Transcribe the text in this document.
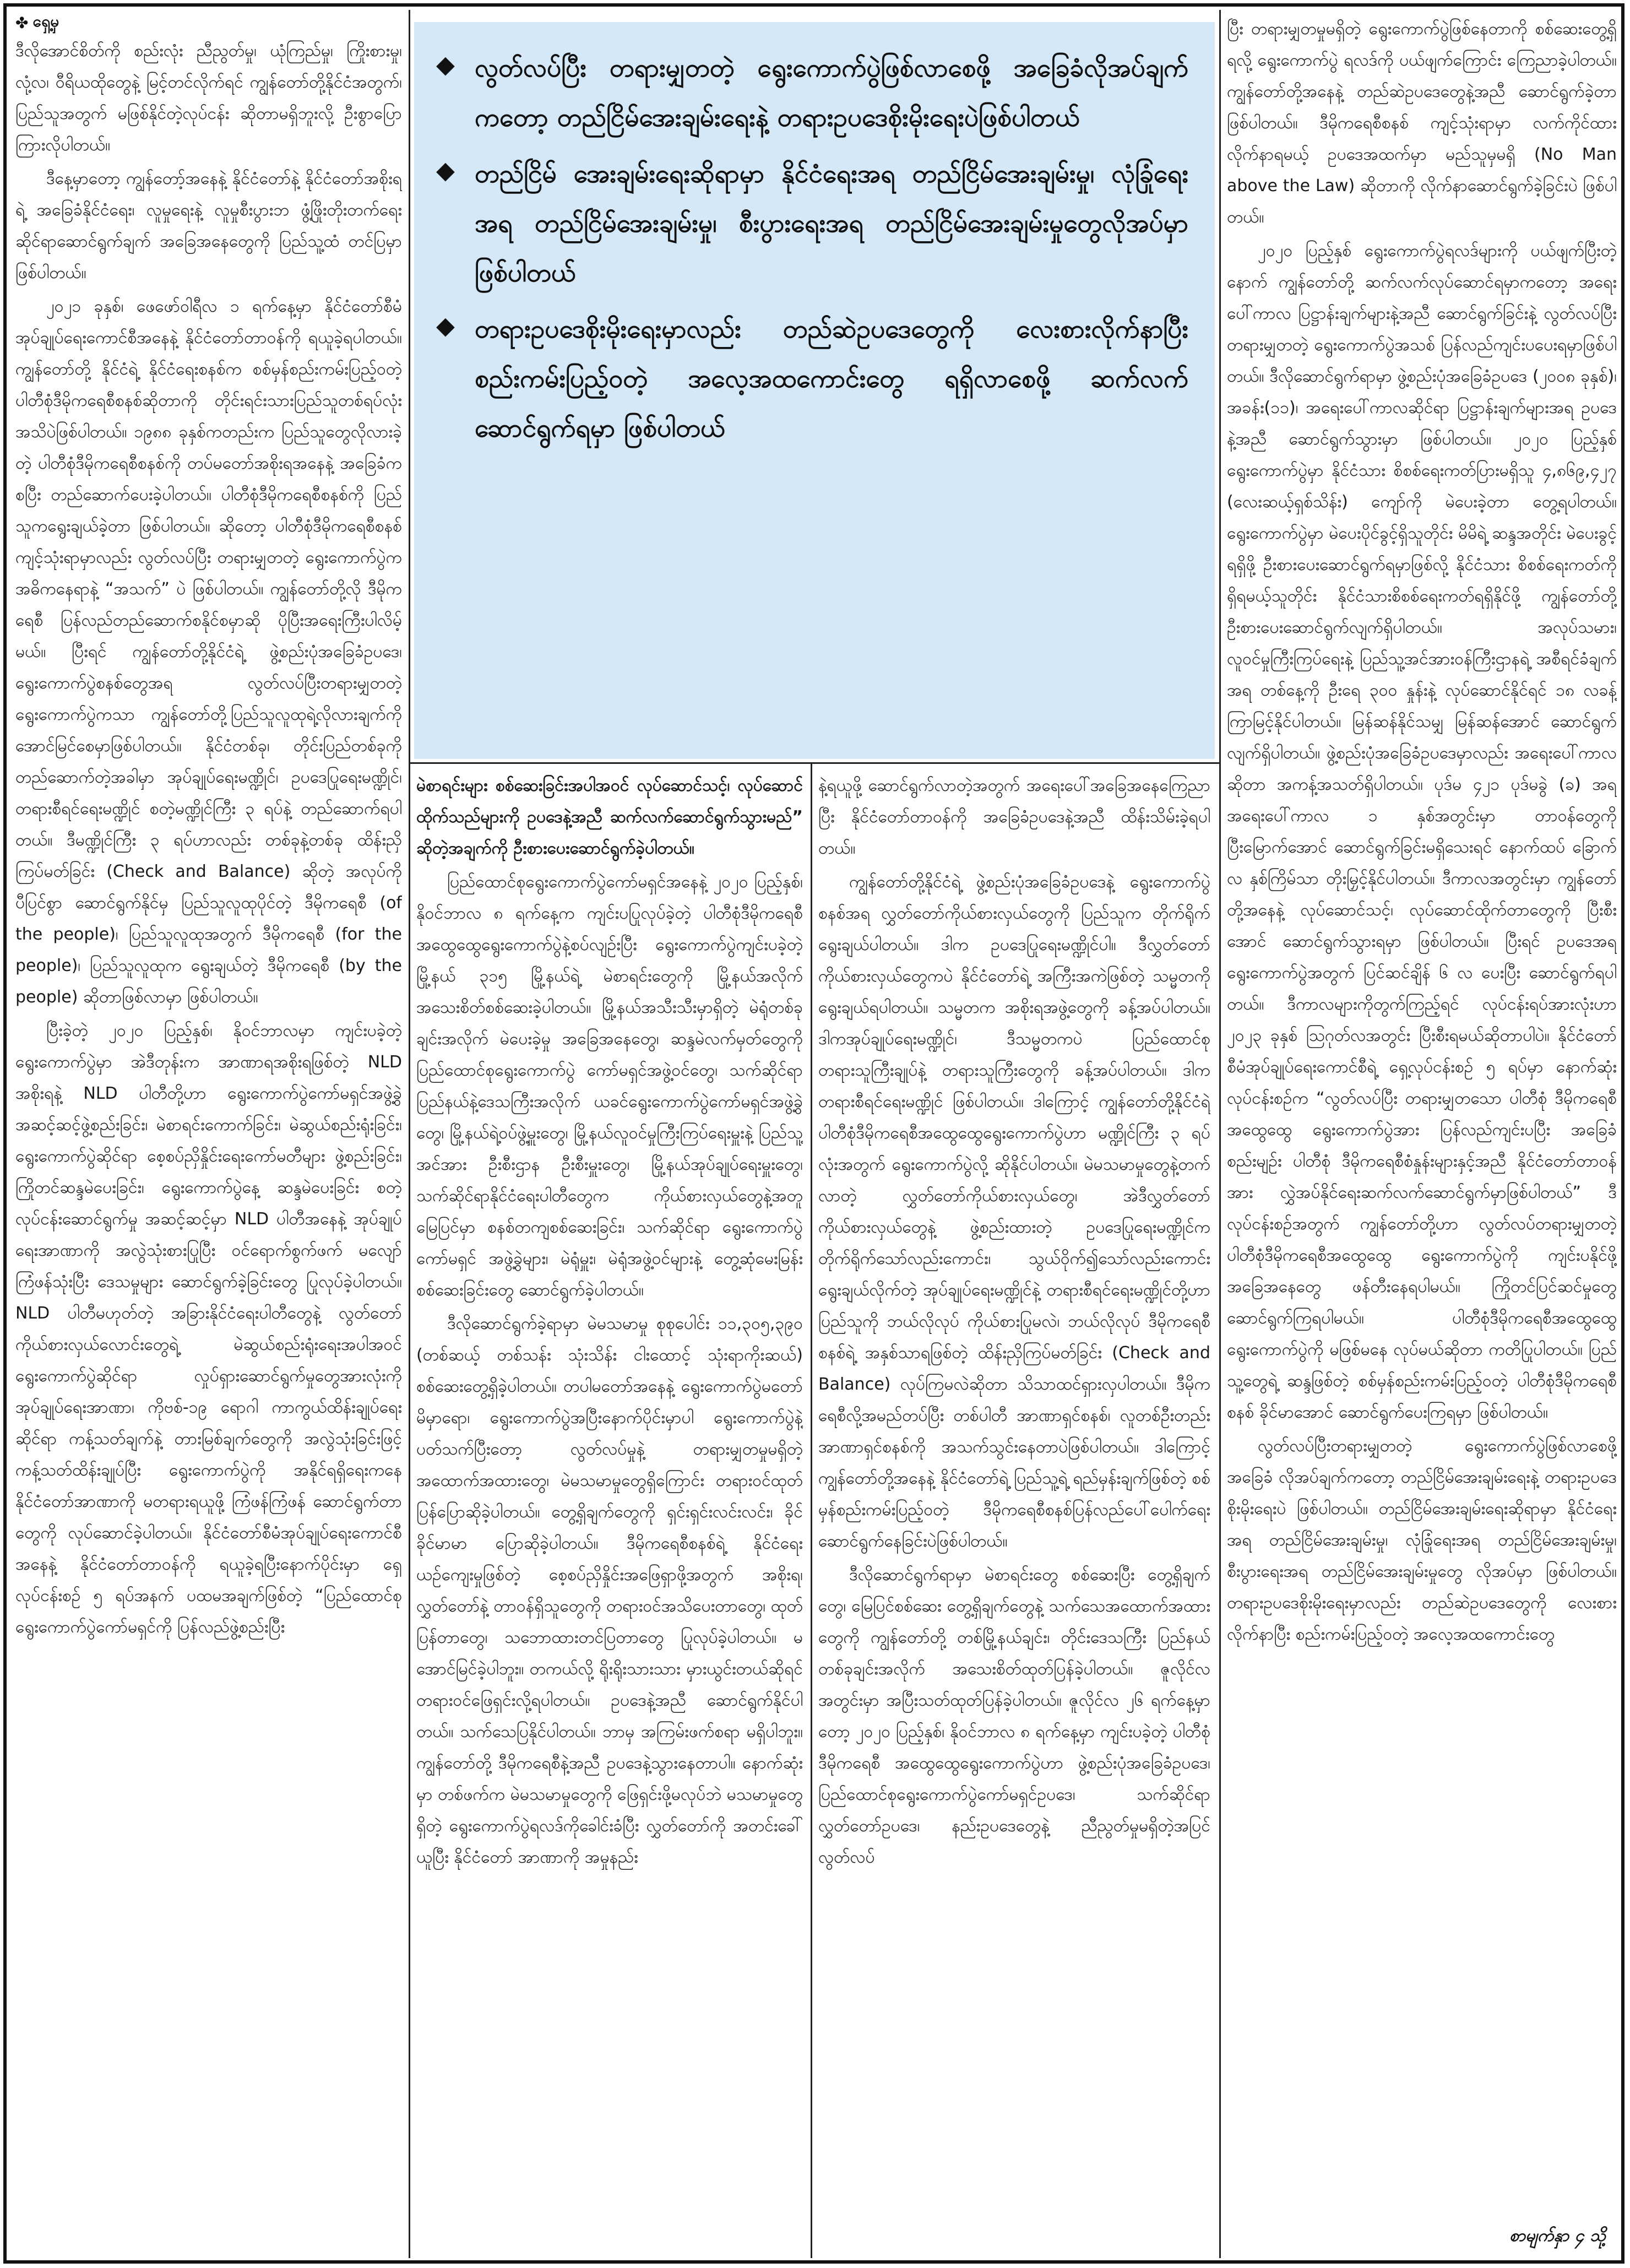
✤ ရှေ့မှ

ဒီလိုအောင်စိတ်ကို စည်းလုံး ညီညွတ်မှု၊ ယုံကြည်မှု၊ ကြိုးစားမှု၊ လုံ့လ၊ ဝီရိယထိုတွေနဲ့ မြင့်တင်လိုက်ရင် ကျွန်တော်တို့နိုင်ငံအတွက်၊ ပြည်သူအတွက် မဖြစ်နိုင်တဲ့လုပ်ငန်း ဆိုတာမရှိဘူးလို့ ဦးစွာပြောကြားလိုပါတယ်။

ဒီနေ့မှာတော့ ကျွန်တော့်အနေနဲ့ နိုင်ငံတော်နဲ့ နိုင်ငံတော်အစိုးရရဲ့ အခြေခံနိုင်ငံရေး၊ လူမှုရေးနဲ့ လူမှုစီးပွားဘ ဖွံ့ဖြိုးတိုးတက်ရေးဆိုင်ရာဆောင်ရွက်ချက် အခြေအနေတွေကို ပြည်သူ့ထံ တင်ပြမှာဖြစ်ပါတယ်။

၂၀၂၁ ခုနှစ်၊ ဖေဖော်ဝါရီလ ၁ ရက်နေ့မှာ နိုင်ငံတော်စီမံအုပ်ချုပ်ရေးကောင်စီအနေနဲ့ နိုင်ငံတော်တာဝန်ကို ရယူခဲ့ရပါတယ်။ ကျွန်တော်တို့ နိုင်ငံရဲ့ နိုင်ငံရေးစနစ်က စစ်မှန်စည်းကမ်းပြည့်ဝတဲ့ ပါတီစုံဒီမိုကရေစီစနစ်ဆိုတာကို တိုင်းရင်းသားပြည်သူတစ်ရပ်လုံး အသိပဲဖြစ်ပါတယ်။ ၁၉၈၈ ခုနှစ်ကတည်းက ပြည်သူတွေလိုလားခဲ့တဲ့ ပါတီစုံဒီမိုကရေစီစနစ်ကို တပ်မတော်အစိုးရအနေနဲ့ အခြေခံကစပြီး တည်ဆောက်ပေးခဲ့ပါတယ်။ ပါတီစုံဒီမိုကရေစီစနစ်ကို ပြည်သူကရွေးချယ်ခဲ့တာ ဖြစ်ပါတယ်။ ဆိုတော့ ပါတီစုံဒီမိုကရေစီစနစ် ကျင့်သုံးရာမှာလည်း လွတ်လပ်ပြီး တရားမျှတတဲ့ ရွေးကောက်ပွဲက အဓိကနေရာနဲ့ “အသက်” ပဲ ဖြစ်ပါတယ်။ ကျွန်တော်တို့လို ဒီမိုကရေစီ ပြန်လည်တည်ဆောက်စနိုင်စမှာဆို ပိုပြီးအရေးကြီးပါလိမ့်မယ်။ ပြီးရင် ကျွန်တော်တို့နိုင်ငံရဲ့ ဖွဲ့စည်းပုံအခြေခံဥပဒေ၊ ရွေးကောက်ပွဲစနစ်တွေအရ လွတ်လပ်ပြီးတရားမျှတတဲ့ ရွေးကောက်ပွဲကသာ ကျွန်တော်တို့ပြည်သူလူထုရဲ့လိုလားချက်ကို အောင်မြင်စေမှာဖြစ်ပါတယ်။ နိုင်ငံတစ်ခု၊ တိုင်းပြည်တစ်ခုကို တည်ဆောက်တဲ့အခါမှာ အုပ်ချုပ်ရေးမဏ္ဍိုင်၊ ဥပဒေပြုရေးမဏ္ဍိုင်၊ တရားစီရင်ရေးမဏ္ဍိုင် စတဲ့မဏ္ဍိုင်ကြီး ၃ ရပ်နဲ့ တည်ဆောက်ရပါတယ်။ ဒီမဏ္ဍိုင်ကြီး ၃ ရပ်ဟာလည်း တစ်ခုနဲ့တစ်ခု ထိန်းညှိကြပ်မတ်ခြင်း (Check and Balance) ဆိုတဲ့ အလုပ်ကို ပီပြင်စွာ ဆောင်ရွက်နိုင်မှ ပြည်သူလူထုပိုင်တဲ့ ဒီမိုကရေစီ (of the people)၊ ပြည်သူလူထုအတွက် ဒီမိုကရေစီ (for the people)၊ ပြည်သူလူထုက ရွေးချယ်တဲ့ ဒီမိုကရေစီ (by the people) ဆိုတာဖြစ်လာမှာ ဖြစ်ပါတယ်။

ပြီးခဲ့တဲ့ ၂၀၂၀ ပြည့်နှစ်၊ နိုဝင်ဘာလမှာ ကျင်းပခဲ့တဲ့ရွေးကောက်ပွဲမှာ အဲဒီတုန်းက အာဏာရအစိုးရဖြစ်တဲ့ NLD အစိုးရနဲ့ NLD ပါတီတို့ဟာ ရွေးကောက်ပွဲကော်မရှင်အဖွဲ့ခွဲ အဆင့်ဆင့်ဖွဲ့စည်းခြင်း၊ မဲစာရင်းကောက်ခြင်း၊ မဲဆွယ်စည်းရုံးခြင်း၊ ရွေးကောက်ပွဲဆိုင်ရာ စေ့စပ်ညှိနှိုင်းရေးကော်မတီများ ဖွဲ့စည်းခြင်း၊ ကြိုတင်ဆန္ဒမဲပေးခြင်း၊ ရွေးကောက်ပွဲနေ့ ဆန္ဒမဲပေးခြင်း စတဲ့လုပ်ငန်းဆောင်ရွက်မှု အဆင့်ဆင့်မှာ NLD ပါတီအနေနဲ့ အုပ်ချုပ်ရေးအာဏာကို အလွဲသုံးစားပြုပြီး ဝင်ရောက်စွက်ဖက် မလျော်ကြံဖန်သုံးပြီး ဒေသမှုများ ဆောင်ရွက်ခဲ့ခြင်းတွေ ပြုလုပ်ခဲ့ပါတယ်။ NLD ပါတီမဟုတ်တဲ့ အခြားနိုင်ငံရေးပါတီတွေနဲ့ လွတ်တော်ကိုယ်စားလှယ်လောင်းတွေရဲ့ မဲဆွယ်စည်းရုံးရေးအပါအဝင် ရွေးကောက်ပွဲဆိုင်ရာ လှုပ်ရှားဆောင်ရွက်မှုတွေအားလုံးကို အုပ်ချုပ်ရေးအာဏာ၊ ကိုဗစ်-၁၉ ရောဂါ ကာကွယ်ထိန်းချုပ်ရေးဆိုင်ရာ ကန့်သတ်ချက်နဲ့ တားမြစ်ချက်တွေကို အလွဲသုံးခြင်းဖြင့် ကန့်သတ်ထိန်းချုပ်ပြီး ရွေးကောက်ပွဲကို အနိုင်ရရှိရေးကနေ နိုင်ငံတော်အာဏာကို မတရားရယူဖို့ ကြံဖန်ကြံဖန် ဆောင်ရွက်တာတွေကို လုပ်ဆောင်ခဲ့ပါတယ်။ နိုင်ငံတော်စီမံအုပ်ချုပ်ရေးကောင်စီအနေနဲ့ နိုင်ငံတော်တာဝန်ကို ရယူခဲ့ရပြီးနောက်ပိုင်းမှာ ရှေ့လုပ်ငန်းစဉ် ၅ ရပ်အနက် ပထမအချက်ဖြစ်တဲ့ “ပြည်ထောင်စုရွေးကောက်ပွဲကော်မရှင်ကို ပြန်လည်ဖွဲ့စည်းပြီး

◆ လွတ်လပ်ပြီး တရားမျှတတဲ့ ရွေးကောက်ပွဲဖြစ်လာစေဖို့ အခြေခံလိုအပ်ချက်ကတော့ တည်ငြိမ်အေးချမ်းရေးနဲ့ တရားဥပဒေစိုးမိုးရေးပဲဖြစ်ပါတယ်
◆ တည်ငြိမ် အေးချမ်းရေးဆိုရာမှာ နိုင်ငံရေးအရ တည်ငြိမ်အေးချမ်းမှု၊ လုံခြုံရေးအရ တည်ငြိမ်အေးချမ်းမှု၊ စီးပွားရေးအရ တည်ငြိမ်အေးချမ်းမှုတွေလိုအပ်မှာ ဖြစ်ပါတယ်
◆ တရားဥပဒေစိုးမိုးရေးမှာလည်း တည်ဆဲဥပဒေတွေကို လေးစားလိုက်နာပြီး စည်းကမ်းပြည့်ဝတဲ့ အလေ့အထကောင်းတွေ ရရှိလာစေဖို့ ဆက်လက်ဆောင်ရွက်ရမှာ ဖြစ်ပါတယ်

မဲစာရင်းများ စစ်ဆေးခြင်းအပါအဝင် လုပ်ဆောင်သင့်၊ လုပ်ဆောင်ထိုက်သည်များကို ဥပဒေနဲ့အညီ ဆက်လက်ဆောင်ရွက်သွားမည်” ဆိုတဲ့အချက်ကို ဦးစားပေးဆောင်ရွက်ခဲ့ပါတယ်။

ပြည်ထောင်စုရွေးကောက်ပွဲကော်မရှင်အနေနဲ့ ၂၀၂၀ ပြည့်နှစ်၊ နိုဝင်ဘာလ ၈ ရက်နေ့က ကျင်းပပြုလုပ်ခဲ့တဲ့ ပါတီစုံဒီမိုကရေစီ အထွေထွေရွေးကောက်ပွဲနဲ့စပ်လျဉ်းပြီး ရွေးကောက်ပွဲကျင်းပခဲ့တဲ့ မြို့နယ် ၃၁၅ မြို့နယ်ရဲ့ မဲစာရင်းတွေကို မြို့နယ်အလိုက် အသေးစိတ်စစ်ဆေးခဲ့ပါတယ်။ မြို့နယ်အသီးသီးမှာရှိတဲ့ မဲရုံတစ်ခုချင်းအလိုက် မဲပေးခဲ့မှု အခြေအနေတွေ၊ ဆန္ဒမဲလက်မှတ်တွေကို ပြည်ထောင်စုရွေးကောက်ပွဲ ကော်မရှင်အဖွဲ့ဝင်တွေ၊ သက်ဆိုင်ရာပြည်နယ်နဲ့ဒေသကြီးအလိုက် ယခင်ရွေးကောက်ပွဲကော်မရှင်အဖွဲ့ခွဲတွေ၊ မြို့နယ်ရဲ့ဝပ်ဖွဲ့မှူးတွေ၊ မြို့နယ်လူဝင်မှုကြီးကြပ်ရေးမှူးနဲ့ ပြည်သူ့အင်အား ဦးစီးဌာန ဦးစီးမှူးတွေ၊ မြို့နယ်အုပ်ချုပ်ရေးမှူးတွေ၊ သက်ဆိုင်ရာနိုင်ငံရေးပါတီတွေက ကိုယ်စားလှယ်တွေနဲ့အတူ မြေပြင်မှာ စနစ်တကျစစ်ဆေးခြင်း၊ သက်ဆိုင်ရာ ရွေးကောက်ပွဲကော်မရှင် အဖွဲ့ခွဲများ၊ မဲရုံမှူး၊ မဲရုံအဖွဲ့ဝင်များနဲ့ တွေ့ဆုံမေးမြန်းစစ်ဆေးခြင်းတွေ ဆောင်ရွက်ခဲ့ပါတယ်။

ဒီလိုဆောင်ရွက်ခဲ့ရာမှာ မဲမသမာမှု စုစုပေါင်း ၁၁,၃၀၅,၃၉၀ (တစ်ဆယ့် တစ်သန်း သုံးသိန်း ငါးထောင့် သုံးရာကိုးဆယ်) စစ်ဆေးတွေ့ရှိခဲ့ပါတယ်။ တပါမတော်အနေနဲ့ ရွေးကောက်ပွဲမတော်မိမှာရော၊ ရွေးကောက်ပွဲအပြီးနောက်ပိုင်းမှာပါ ရွေးကောက်ပွဲနဲ့ပတ်သက်ပြီးတော့ လွတ်လပ်မှုနဲ့ တရားမျှတမှုမရှိတဲ့ အထောက်အထားတွေ၊ မဲမသမာမှုတွေရှိကြောင်း တရားဝင်ထုတ်ပြန်ပြောဆိုခဲ့ပါတယ်။ တွေ့ရှိချက်တွေကို ရှင်းရှင်းလင်းလင်း၊ ခိုင်ခိုင်မာမာ ပြောဆိုခဲ့ပါတယ်။ ဒီမိုကရေစီစနစ်ရဲ့ နိုင်ငံရေး ယဉ်ကျေးမှုဖြစ်တဲ့ စေ့စပ်ညှိနှိုင်းအဖြေရှာဖို့အတွက် အစိုးရ၊ လွှတ်တော်နဲ့ တာဝန်ရှိသူတွေကို တရားဝင်အသိပေးတာတွေ၊ ထုတ်ပြန်တာတွေ၊ သဘောထားတင်ပြတာတွေ ပြုလုပ်ခဲ့ပါတယ်။ မအောင်မြင်ခဲ့ပါဘူး။ တကယ်လို့ ရိုးရိုးသားသား မှားယွင်းတယ်ဆိုရင် တရားဝင်ဖြေရှင်းလို့ရပါတယ်။ ဥပဒေနဲ့အညီ ဆောင်ရွက်နိုင်ပါတယ်။ သက်သေပြနိုင်ပါတယ်။ ဘာမှ အကြမ်းဖက်စရာ မရှိပါဘူး။ ကျွန်တော်တို့ ဒီမိုကရေစီနဲ့အညီ ဥပဒေနဲ့သွားနေတာပါ။ နောက်ဆုံးမှာ တစ်ဖက်က မဲမသမာမှုတွေကို ဖြေရှင်းဖို့မလုပ်ဘဲ မသမာမှုတွေ ရှိတဲ့ ရွေးကောက်ပွဲရလဒ်ကိုခေါင်းခံပြီး လွှတ်တော်ကို အတင်းခေါ်ယူပြီး နိုင်ငံတော် အာဏာကို အမှုနည်း

နဲ့ရယူဖို့ ဆောင်ရွက်လာတဲ့အတွက် အရေးပေါ်အခြေအနေကြေညာပြီး နိုင်ငံတော်တာဝန်ကို အခြေခံဥပဒေနဲ့အညီ ထိန်းသိမ်းခဲ့ရပါတယ်။

ကျွန်တော်တို့နိုင်ငံရဲ့ ဖွဲ့စည်းပုံအခြေခံဥပဒေနဲ့ ရွေးကောက်ပွဲစနစ်အရ လွှတ်တော်ကိုယ်စားလှယ်တွေကို ပြည်သူက တိုက်ရိုက်ရွေးချယ်ပါတယ်။ ဒါက ဥပဒေပြုရေးမဏ္ဍိုင်ပါ။ ဒီလွှတ်တော်ကိုယ်စားလှယ်တွေကပဲ နိုင်ငံတော်ရဲ့ အကြီးအကဲဖြစ်တဲ့ သမ္မတကို ရွေးချယ်ရပါတယ်။ သမ္မတက အစိုးရအဖွဲ့တွေကို ခန့်အပ်ပါတယ်။ ဒါကအုပ်ချုပ်ရေးမဏ္ဍိုင်၊ ဒီသမ္မတကပဲ ပြည်ထောင်စုတရားသူကြီးချုပ်နဲ့ တရားသူကြီးတွေကို ခန့်အပ်ပါတယ်။ ဒါကတရားစီရင်ရေးမဏ္ဍိုင် ဖြစ်ပါတယ်။ ဒါကြောင့် ကျွန်တော်တို့နိုင်ငံရဲ့ ပါတီစုံဒီမိုကရေစီအထွေထွေရွေးကောက်ပွဲဟာ မဏ္ဍိုင်ကြီး ၃ ရပ်လုံးအတွက် ရွေးကောက်ပွဲလို့ ဆိုနိုင်ပါတယ်။ မဲမသမာမှုတွေနဲ့တက်လာတဲ့ လွှတ်တော်ကိုယ်စားလှယ်တွေ၊ အဲဒီလွှတ်တော် ကိုယ်စားလှယ်တွေနဲ့ ဖွဲ့စည်းထားတဲ့ ဥပဒေပြုရေးမဏ္ဍိုင်က တိုက်ရိုက်သော်လည်းကောင်း၊ သွယ်ဝိုက်၍သော်လည်းကောင်း ရွေးချယ်လိုက်တဲ့ အုပ်ချုပ်ရေးမဏ္ဍိုင်နဲ့ တရားစီရင်ရေးမဏ္ဍိုင်တို့ဟာ ပြည်သူကို ဘယ်လိုလုပ် ကိုယ်စားပြုမလဲ၊ ဘယ်လိုလုပ် ဒီမိုကရေစီစနစ်ရဲ့ အနှစ်သာရဖြစ်တဲ့ ထိန်းညှိကြပ်မတ်ခြင်း (Check and Balance) လုပ်ကြမလဲဆိုတာ သိသာထင်ရှားလှပါတယ်။ ဒီမိုကရေစီလို့အမည်တပ်ပြီး တစ်ပါတီ အာဏာရှင်စနစ်၊ လူတစ်ဦးတည်း အာဏာရှင်စနစ်ကို အသက်သွင်းနေတာပဲဖြစ်ပါတယ်။ ဒါကြောင့် ကျွန်တော်တို့အနေနဲ့ နိုင်ငံတော်ရဲ့ ပြည်သူ့ရဲ့ ရည်မှန်းချက်ဖြစ်တဲ့ စစ်မှန်စည်းကမ်းပြည့်ဝတဲ့ ဒီမိုကရေစီစနစ်ပြန်လည်ပေါ်ပေါက်ရေး ဆောင်ရွက်နေခြင်းပဲဖြစ်ပါတယ်။

ဒီလိုဆောင်ရွက်ရာမှာ မဲစာရင်းတွေ စစ်ဆေးပြီး တွေ့ရှိချက်တွေ၊ မြေပြင်စစ်ဆေး တွေ့ရှိချက်တွေနဲ့ သက်သေအထောက်အထားတွေကို ကျွန်တော်တို့ တစ်မြို့နယ်ချင်း၊ တိုင်းဒေသကြီး ပြည်နယ်တစ်ခုချင်းအလိုက် အသေးစိတ်ထုတ်ပြန်ခဲ့ပါတယ်။ ဇူလိုင်လအတွင်းမှာ အပြီးသတ်ထုတ်ပြန်ခဲ့ပါတယ်။ ဇူလိုင်လ ၂၆ ရက်နေ့မှာတော့ ၂၀၂၀ ပြည့်နှစ်၊ နိုဝင်ဘာလ ၈ ရက်နေ့မှာ ကျင်းပခဲ့တဲ့ ပါတီစုံဒီမိုကရေစီ အထွေထွေရွေးကောက်ပွဲဟာ ဖွဲ့စည်းပုံအခြေခံဥပဒေ၊ ပြည်ထောင်စုရွေးကောက်ပွဲကော်မရှင်ဥပဒေ၊ သက်ဆိုင်ရာလွှတ်တော်ဥပဒေ၊ နည်းဥပဒေတွေနဲ့ ညီညွတ်မှုမရှိတဲ့အပြင် လွတ်လပ်

ပြီး တရားမျှတမှုမရှိတဲ့ ရွေးကောက်ပွဲဖြစ်နေတာကို စစ်ဆေးတွေ့ရှိရလို့ ရွေးကောက်ပွဲ ရလဒ်ကို ပယ်ဖျက်ကြောင်း ကြေညာခဲ့ပါတယ်။ ကျွန်တော်တို့အနေနဲ့ တည်ဆဲဥပဒေတွေနဲ့အညီ ဆောင်ရွက်ခဲ့တာဖြစ်ပါတယ်။ ဒီမိုကရေစီစနစ် ကျင့်သုံးရာမှာ လက်ကိုင်ထား လိုက်နာရမယ့် ဥပဒေအထက်မှာ မည်သူမှမရှိ (No Man above the Law) ဆိုတာကို လိုက်နာဆောင်ရွက်ခဲ့ခြင်းပဲ ဖြစ်ပါတယ်။

၂၀၂၀ ပြည့်နှစ် ရွေးကောက်ပွဲရလဒ်များကို ပယ်ဖျက်ပြီးတဲ့နောက် ကျွန်တော်တို့ ဆက်လက်လုပ်ဆောင်ရမှာကတော့ အရေးပေါ်ကာလ ပြဋ္ဌာန်းချက်များနဲ့အညီ ဆောင်ရွက်ခြင်းနဲ့ လွတ်လပ်ပြီး တရားမျှတတဲ့ ရွေးကောက်ပွဲအသစ် ပြန်လည်ကျင်းပပေးရမှာဖြစ်ပါတယ်။ ဒီလိုဆောင်ရွက်ရာမှာ ဖွဲ့စည်းပုံအခြေခံဥပဒေ (၂၀၀၈ ခုနှစ်)၊ အခန်း(၁၁)၊ အရေးပေါ်ကာလဆိုင်ရာ ပြဋ္ဌာန်းချက်များအရ ဥပဒေနဲ့အညီ ဆောင်ရွက်သွားမှာ ဖြစ်ပါတယ်။ ၂၀၂၀ ပြည့်နှစ် ရွေးကောက်ပွဲမှာ နိုင်ငံသား စိစစ်ရေးကတ်ပြားမရှိသူ ၄,၈၆၉,၄၂၇ (လေးဆယ့်ရှစ်သိန်း) ကျော်ကို မဲပေးခဲ့တာ တွေ့ရပါတယ်။ ရွေးကောက်ပွဲမှာ မဲပေးပိုင်ခွင့်ရှိသူတိုင်း မိမိရဲ့ ဆန္ဒအတိုင်း မဲပေးခွင့်ရရှိဖို့ ဦးစားပေးဆောင်ရွက်ရမှာဖြစ်လို့ နိုင်ငံသား စိစစ်ရေးကတ်ကို ရှိရမယ့်သူတိုင်း နိုင်ငံသားစိစစ်ရေးကတ်ရရှိနိုင်ဖို့ ကျွန်တော်တို့ ဦးစားပေးဆောင်ရွက်လျက်ရှိပါတယ်။ အလုပ်သမား၊ လူဝင်မှုကြီးကြပ်ရေးနဲ့ ပြည်သူ့အင်အားဝန်ကြီးဌာနရဲ့ အစီရင်ခံချက်အရ တစ်နေ့ကို ဦးရေ ၃၀၀ နှုန်းနဲ့ လုပ်ဆောင်နိုင်ရင် ၁၈ လခန့် ကြာမြင့်နိုင်ပါတယ်။ မြန်ဆန်နိုင်သမျှ မြန်ဆန်အောင် ဆောင်ရွက်လျက်ရှိပါတယ်။ ဖွဲ့စည်းပုံအခြေခံဥပဒေမှာလည်း အရေးပေါ်ကာလဆိုတာ အကန့်အသတ်ရှိပါတယ်။ ပုဒ်မ ၄၂၁ ပုဒ်မခွဲ (ခ) အရ အရေးပေါ်ကာလ ၁ နှစ်အတွင်းမှာ တာဝန်တွေကို ပြီးမြောက်အောင် ဆောင်ရွက်ခြင်းမရှိသေးရင် နောက်ထပ် ခြောက်လ နှစ်ကြိမ်သာ တိုးမြှင့်နိုင်ပါတယ်။ ဒီကာလအတွင်းမှာ ကျွန်တော်တို့အနေနဲ့ လုပ်ဆောင်သင့်၊ လုပ်ဆောင်ထိုက်တာတွေကို ပြီးစီးအောင် ဆောင်ရွက်သွားရမှာ ဖြစ်ပါတယ်။ ပြီးရင် ဥပဒေအရ ရွေးကောက်ပွဲအတွက် ပြင်ဆင်ချိန် ၆ လ ပေးပြီး ဆောင်ရွက်ရပါတယ်။ ဒီကာလများကိုတွက်ကြည့်ရင် လုပ်ငန်းရပ်အားလုံးဟာ ၂၀၂၃ ခုနှစ် သြဂုတ်လအတွင်း ပြီးစီးရမယ်ဆိုတာပါပဲ။ နိုင်ငံတော်စီမံအုပ်ချုပ်ရေးကောင်စီရဲ့ ရှေ့လုပ်ငန်းစဉ် ၅ ရပ်မှာ နောက်ဆုံး လုပ်ငန်းစဉ်က “လွတ်လပ်ပြီး တရားမျှတသော ပါတီစုံ ဒီမိုကရေစီ အထွေထွေ ရွေးကောက်ပွဲအား ပြန်လည်ကျင်းပပြီး အခြေခံစည်းမျဉ်း ပါတီစုံ ဒီမိုကရေစီစံနှုန်းများနှင့်အညီ နိုင်ငံတော်တာဝန်အား လွှဲအပ်နိုင်ရေးဆက်လက်ဆောင်ရွက်မှာဖြစ်ပါတယ်” ဒီလုပ်ငန်းစဉ်အတွက် ကျွန်တော်တို့ဟာ လွတ်လပ်တရားမျှတတဲ့ ပါတီစုံဒီမိုကရေစီအထွေထွေ ရွေးကောက်ပွဲကို ကျင်းပနိုင်ဖို့ အခြေအနေတွေ ဖန်တီးနေရပါမယ်။ ကြိုတင်ပြင်ဆင်မှုတွေ ဆောင်ရွက်ကြရပါမယ်။ ပါတီစုံဒီမိုကရေစီအထွေထွေ ရွေးကောက်ပွဲကို မဖြစ်မနေ လုပ်မယ်ဆိုတာ ကတိပြုပါတယ်။ ပြည်သူ့တွေရဲ့ ဆန္ဒဖြစ်တဲ့ စစ်မှန်စည်းကမ်းပြည့်ဝတဲ့ ပါတီစုံဒီမိုကရေစီစနစ် ခိုင်မာအောင် ဆောင်ရွက်ပေးကြရမှာ ဖြစ်ပါတယ်။

လွတ်လပ်ပြီးတရားမျှတတဲ့ ရွေးကောက်ပွဲဖြစ်လာစေဖို့ အခြေခံ လိုအပ်ချက်ကတော့ တည်ငြိမ်အေးချမ်းရေးနဲ့ တရားဥပဒေစိုးမိုးရေးပဲ ဖြစ်ပါတယ်။ တည်ငြိမ်အေးချမ်းရေးဆိုရာမှာ နိုင်ငံရေးအရ တည်ငြိမ်အေးချမ်းမှု၊ လုံခြုံရေးအရ တည်ငြိမ်အေးချမ်းမှု၊ စီးပွားရေးအရ တည်ငြိမ်အေးချမ်းမှုတွေ လိုအပ်မှာ ဖြစ်ပါတယ်။ တရားဥပဒေစိုးမိုးရေးမှာလည်း တည်ဆဲဥပဒေတွေကို လေးစားလိုက်နာပြီး စည်းကမ်းပြည့်ဝတဲ့ အလေ့အထကောင်းတွေ

စာမျက်နှာ ၄ သို့
